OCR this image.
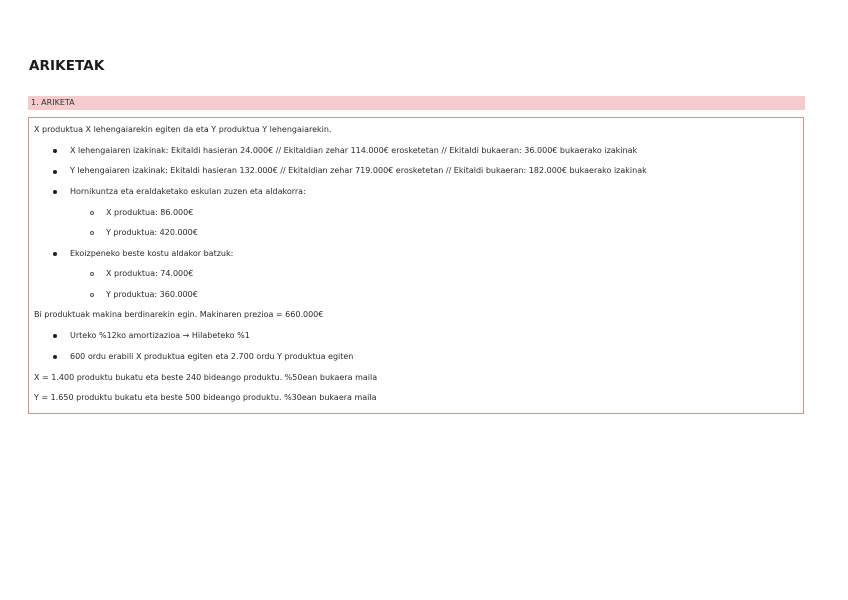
ARIKETAK
1. ARIKETA
X produktua X lehengaiarekin egiten da eta Y produktua Y lehengaiarekin.
X lehengaiaren izakinak: Ekitaldi hasieran 24.000€ // Ekitaldian zehar 114.000€ erosketetan // Ekitaldi bukaeran: 36.000€ bukaerako izakinak
Y lehengaiaren izakinak: Ekitaldi hasieran 132.000€ // Ekitaldian zehar 719.000€ erosketetan // Ekitaldi bukaeran: 182.000€ bukaerako izakinak
Hornikuntza eta eraldaketako eskulan zuzen eta aldakorra:
X produktua: 86.000€
Y produktua: 420.000€
Ekoizpeneko beste kostu aldakor batzuk:
X produktua: 74.000€
Y produktua: 360.000€
Bi produktuak makina berdinarekin egin. Makinaren prezioa = 660.000€
Urteko %12ko amortizazioa → Hilabeteko %1
600 ordu erabili X produktua egiten eta 2.700 ordu Y produktua egiten
X = 1.400 produktu bukatu eta beste 240 bideango produktu. %50ean bukaera maila
Y = 1.650 produktu bukatu eta beste 500 bideango produktu. %30ean bukaera maila
